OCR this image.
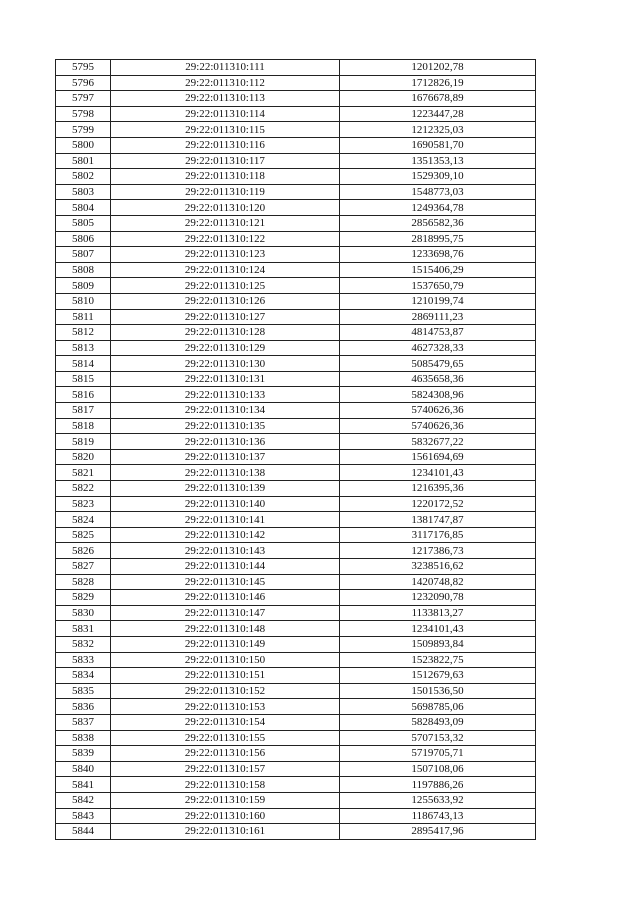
5795	29:22:011310:111	1201202,78
5796	29:22:011310:112	1712826,19
5797	29:22:011310:113	1676678,89
5798	29:22:011310:114	1223447,28
5799	29:22:011310:115	1212325,03
5800	29:22:011310:116	1690581,70
5801	29:22:011310:117	1351353,13
5802	29:22:011310:118	1529309,10
5803	29:22:011310:119	1548773,03
5804	29:22:011310:120	1249364,78
5805	29:22:011310:121	2856582,36
5806	29:22:011310:122	2818995,75
5807	29:22:011310:123	1233698,76
5808	29:22:011310:124	1515406,29
5809	29:22:011310:125	1537650,79
5810	29:22:011310:126	1210199,74
5811	29:22:011310:127	2869111,23
5812	29:22:011310:128	4814753,87
5813	29:22:011310:129	4627328,33
5814	29:22:011310:130	5085479,65
5815	29:22:011310:131	4635658,36
5816	29:22:011310:133	5824308,96
5817	29:22:011310:134	5740626,36
5818	29:22:011310:135	5740626,36
5819	29:22:011310:136	5832677,22
5820	29:22:011310:137	1561694,69
5821	29:22:011310:138	1234101,43
5822	29:22:011310:139	1216395,36
5823	29:22:011310:140	1220172,52
5824	29:22:011310:141	1381747,87
5825	29:22:011310:142	3117176,85
5826	29:22:011310:143	1217386,73
5827	29:22:011310:144	3238516,62
5828	29:22:011310:145	1420748,82
5829	29:22:011310:146	1232090,78
5830	29:22:011310:147	1133813,27
5831	29:22:011310:148	1234101,43
5832	29:22:011310:149	1509893,84
5833	29:22:011310:150	1523822,75
5834	29:22:011310:151	1512679,63
5835	29:22:011310:152	1501536,50
5836	29:22:011310:153	5698785,06
5837	29:22:011310:154	5828493,09
5838	29:22:011310:155	5707153,32
5839	29:22:011310:156	5719705,71
5840	29:22:011310:157	1507108,06
5841	29:22:011310:158	1197886,26
5842	29:22:011310:159	1255633,92
5843	29:22:011310:160	1186743,13
5844	29:22:011310:161	2895417,96
